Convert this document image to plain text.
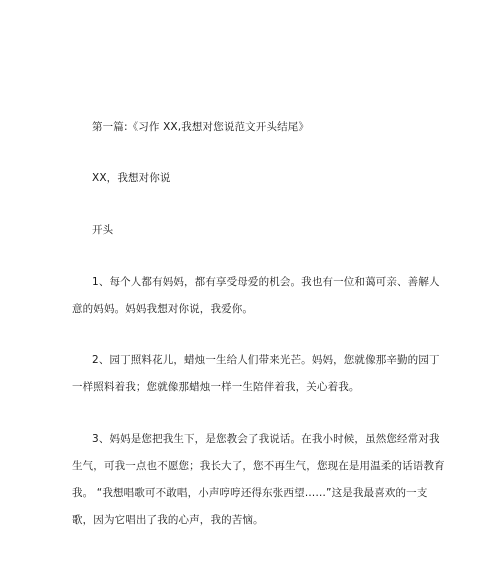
第一篇:《习作 XX,我想对您说范文开头结尾》
XX，我想对你说
开头
1、每个人都有妈妈，都有享受母爱的机会。我也有一位和蔼可亲、善解人
意的妈妈。妈妈我想对你说，我爱你。
2、园丁照料花儿，蜡烛一生给人们带来光芒。妈妈，您就像那辛勤的园丁
一样照料着我；您就像那蜡烛一样一生陪伴着我，关心着我。
3、妈妈是您把我生下，是您教会了我说话。在我小时候，虽然您经常对我
生气，可我一点也不愿您；我长大了，您不再生气，您现在是用温柔的话语教育
我。 “我想唱歌可不敢唱，小声哼哼还得东张西望……”这是我最喜欢的一支
歌，因为它唱出了我的心声，我的苦恼。
